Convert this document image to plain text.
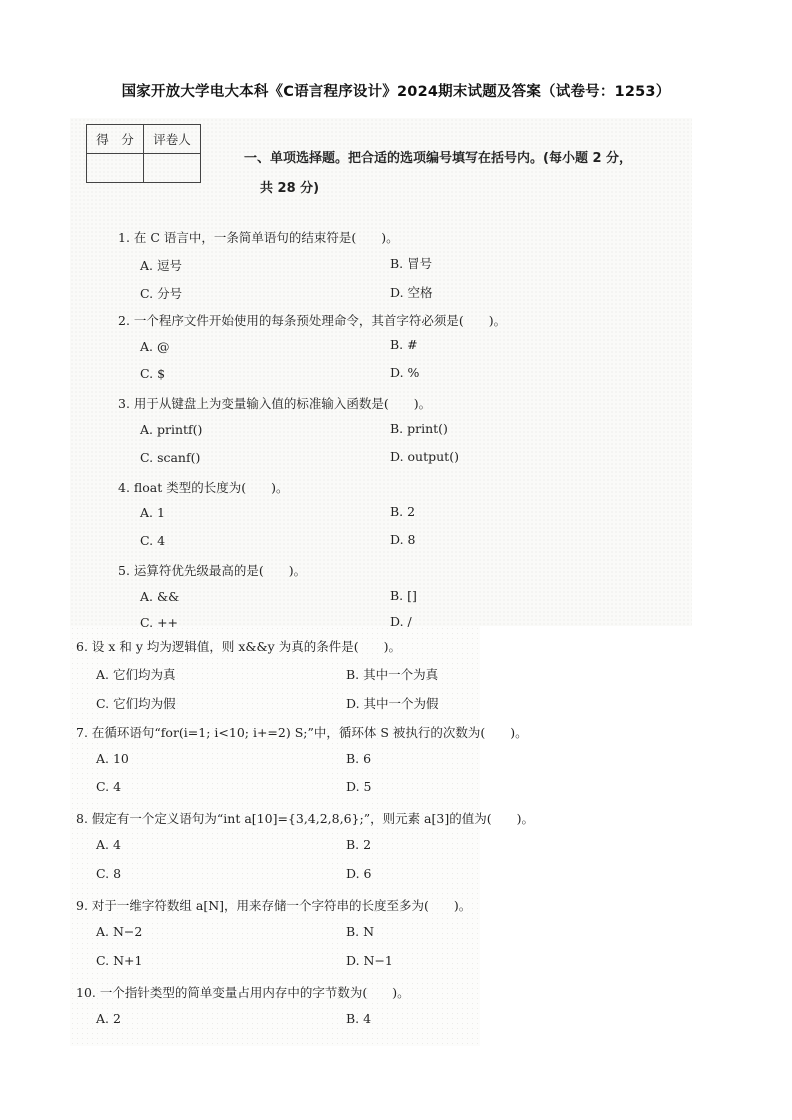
国家开放大学电大本科《C语言程序设计》2024期末试题及答案（试卷号：1253）
得　分	评卷人

一、单项选择题。把合适的选项编号填写在括号内。(每小题 2 分，
共 28 分)
1. 在 C 语言中，一条简单语句的结束符是(　　)。
A. 逗号	B. 冒号
C. 分号	D. 空格
2. 一个程序文件开始使用的每条预处理命令，其首字符必须是(　　)。
A. @	B. #
C. $	D. %
3. 用于从键盘上为变量输入值的标准输入函数是(　　)。
A. printf()	B. print()
C. scanf()	D. output()
4. float 类型的长度为(　　)。
A. 1	B. 2
C. 4	D. 8
5. 运算符优先级最高的是(　　)。
A. &&	B. []
C. ++	D. /
6. 设 x 和 y 均为逻辑值，则 x&&y 为真的条件是(　　)。
A. 它们均为真	B. 其中一个为真
C. 它们均为假	D. 其中一个为假
7. 在循环语句“for(i=1; i<10; i+=2) S;”中，循环体 S 被执行的次数为(　　)。
A. 10	B. 6
C. 4	D. 5
8. 假定有一个定义语句为“int a[10]={3,4,2,8,6};”，则元素 a[3]的值为(　　)。
A. 4	B. 2
C. 8	D. 6
9. 对于一维字符数组 a[N]，用来存储一个字符串的长度至多为(　　)。
A. N−2	B. N
C. N+1	D. N−1
10. 一个指针类型的简单变量占用内存中的字节数为(　　)。
A. 2	B. 4
